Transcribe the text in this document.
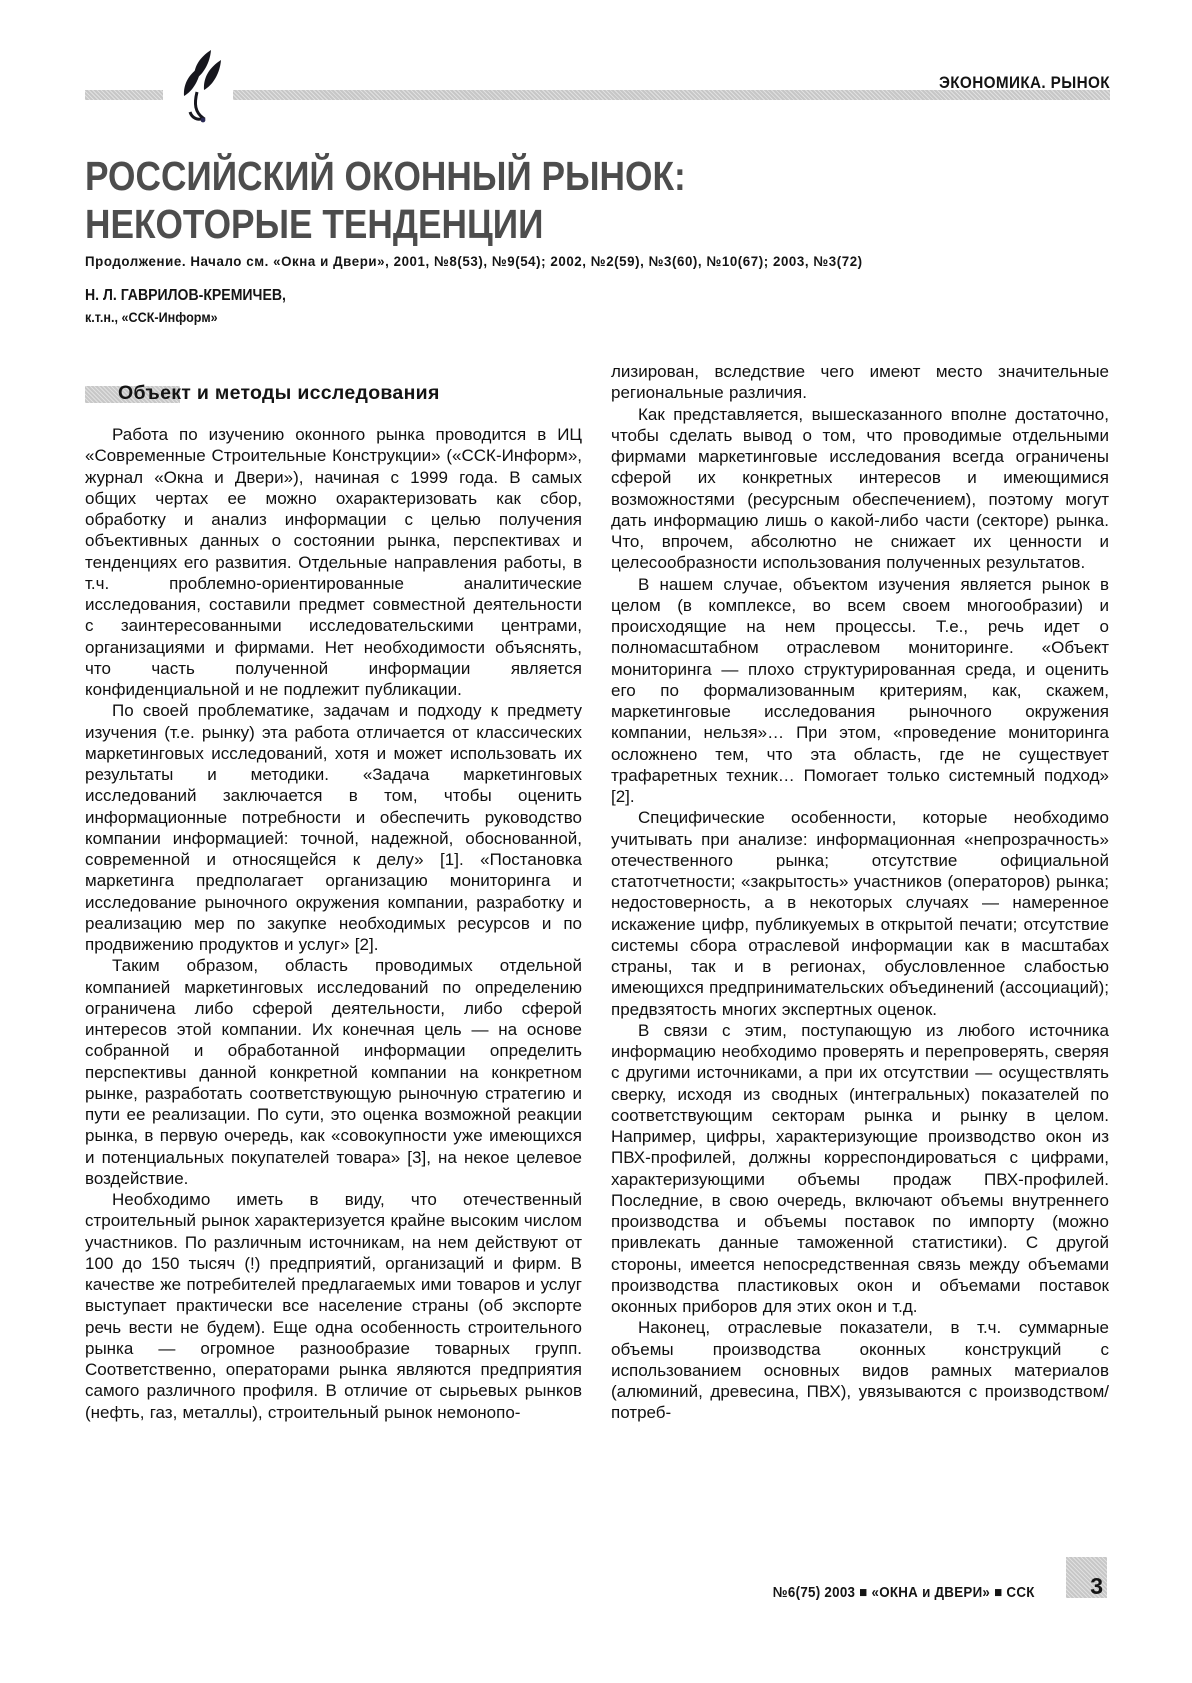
ЭКОНОМИКА. РЫНОК
РОССИЙСКИЙ ОКОННЫЙ РЫНОК:
НЕКОТОРЫЕ ТЕНДЕНЦИИ
Продолжение. Начало см. «Окна и Двери», 2001, №8(53), №9(54); 2002, №2(59), №3(60), №10(67); 2003, №3(72)
Н. Л. ГАВРИЛОВ-КРЕМИЧЕВ,
к.т.н., «ССК-Информ»
Объект и методы исследования

Работа по изучению оконного рынка проводится в ИЦ «Современные Строительные Конструкции» («ССК-Информ», журнал «Окна и Двери»), начиная с 1999 года. В самых общих чертах ее можно охарактеризовать как сбор, обработку и анализ информации с целью получения объективных данных о состоянии рынка, перспективах и тенденциях его развития. Отдельные направления работы, в т.ч. проблемно-ориентированные аналитические исследования, составили предмет совместной деятельности с заинтересованными исследовательскими центрами, организациями и фирмами. Нет необходимости объяснять, что часть полученной информации является конфиденциальной и не подлежит публикации.

По своей проблематике, задачам и подходу к предмету изучения (т.е. рынку) эта работа отличается от классических маркетинговых исследований, хотя и может использовать их результаты и методики. «Задача маркетинговых исследований заключается в том, чтобы оценить информационные потребности и обеспечить руководство компании информацией: точной, надежной, обоснованной, современной и относящейся к делу» [1]. «Постановка маркетинга предполагает организацию мониторинга и исследование рыночного окружения компании, разработку и реализацию мер по закупке необходимых ресурсов и по продвижению продуктов и услуг» [2].

Таким образом, область проводимых отдельной компанией маркетинговых исследований по определению ограничена либо сферой деятельности, либо сферой интересов этой компании. Их конечная цель — на основе собранной и обработанной информации определить перспективы данной конкретной компании на конкретном рынке, разработать соответствующую рыночную стратегию и пути ее реализации. По сути, это оценка возможной реакции рынка, в первую очередь, как «совокупности уже имеющихся и потенциальных покупателей товара» [3], на некое целевое воздействие.

Необходимо иметь в виду, что отечественный строительный рынок характеризуется крайне высоким числом участников. По различным источникам, на нем действуют от 100 до 150 тысяч (!) предприятий, организаций и фирм. В качестве же потребителей предлагаемых ими товаров и услуг выступает практически все население страны (об экспорте речь вести не будем). Еще одна особенность строительного рынка — огромное разнообразие товарных групп. Соответственно, операторами рынка являются предприятия самого различного профиля. В отличие от сырьевых рынков (нефть, газ, металлы), строительный рынок немонопо-

лизирован, вследствие чего имеют место значительные региональные различия.

Как представляется, вышесказанного вполне достаточно, чтобы сделать вывод о том, что проводимые отдельными фирмами маркетинговые исследования всегда ограничены сферой их конкретных интересов и имеющимися возможностями (ресурсным обеспечением), поэтому могут дать информацию лишь о какой-либо части (секторе) рынка. Что, впрочем, абсолютно не снижает их ценности и целесообразности использования полученных результатов.

В нашем случае, объектом изучения является рынок в целом (в комплексе, во всем своем многообразии) и происходящие на нем процессы. Т.е., речь идет о полномасштабном отраслевом мониторинге. «Объект мониторинга — плохо структурированная среда, и оценить его по формализованным критериям, как, скажем, маркетинговые исследования рыночного окружения компании, нельзя»… При этом, «проведение мониторинга осложнено тем, что эта область, где не существует трафаретных техник… Помогает только системный подход» [2].

Специфические особенности, которые необходимо учитывать при анализе: информационная «непрозрачность» отечественного рынка; отсутствие официальной статотчетности; «закрытость» участников (операторов) рынка; недостоверность, а в некоторых случаях — намеренное искажение цифр, публикуемых в открытой печати; отсутствие системы сбора отраслевой информации как в масштабах страны, так и в регионах, обусловленное слабостью имеющихся предпринимательских объединений (ассоциаций); предвзятость многих экспертных оценок.

В связи с этим, поступающую из любого источника информацию необходимо проверять и перепроверять, сверяя с другими источниками, а при их отсутствии — осуществлять сверку, исходя из сводных (интегральных) показателей по соответствующим секторам рынка и рынку в целом. Например, цифры, характеризующие производство окон из ПВХ-профилей, должны корреспондироваться с цифрами, характеризующими объемы продаж ПВХ-профилей. Последние, в свою очередь, включают объемы внутреннего производства и объемы поставок по импорту (можно привлекать данные таможенной статистики). С другой стороны, имеется непосредственная связь между объемами производства пластиковых окон и объемами поставок оконных приборов для этих окон и т.д.

Наконец, отраслевые показатели, в т.ч. суммарные объемы производства оконных конструкций с использованием основных видов рамных материалов (алюминий, древесина, ПВХ), увязываются с производством/потреб-

№6(75) 2003 ■ «ОКНА и ДВЕРИ» ■ ССК 3
